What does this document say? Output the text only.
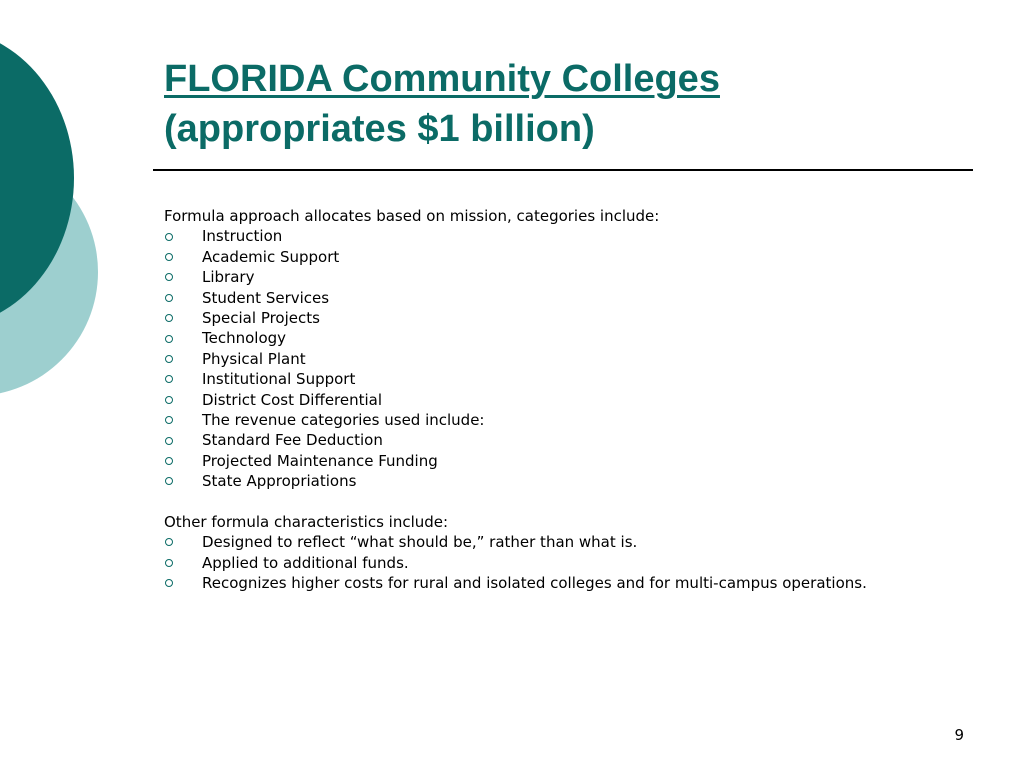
FLORIDA Community Colleges
(appropriates $1 billion)

Formula approach allocates based on mission, categories include:

Instruction
Academic Support
Library
Student Services
Special Projects
Technology
Physical Plant
Institutional Support
District Cost Differential
The revenue categories used include:
Standard Fee Deduction
Projected Maintenance Funding
State Appropriations

Other formula characteristics include:

Designed to reflect “what should be,” rather than what is.
Applied to additional funds.
Recognizes higher costs for rural and isolated colleges and for multi-campus operations.
9
